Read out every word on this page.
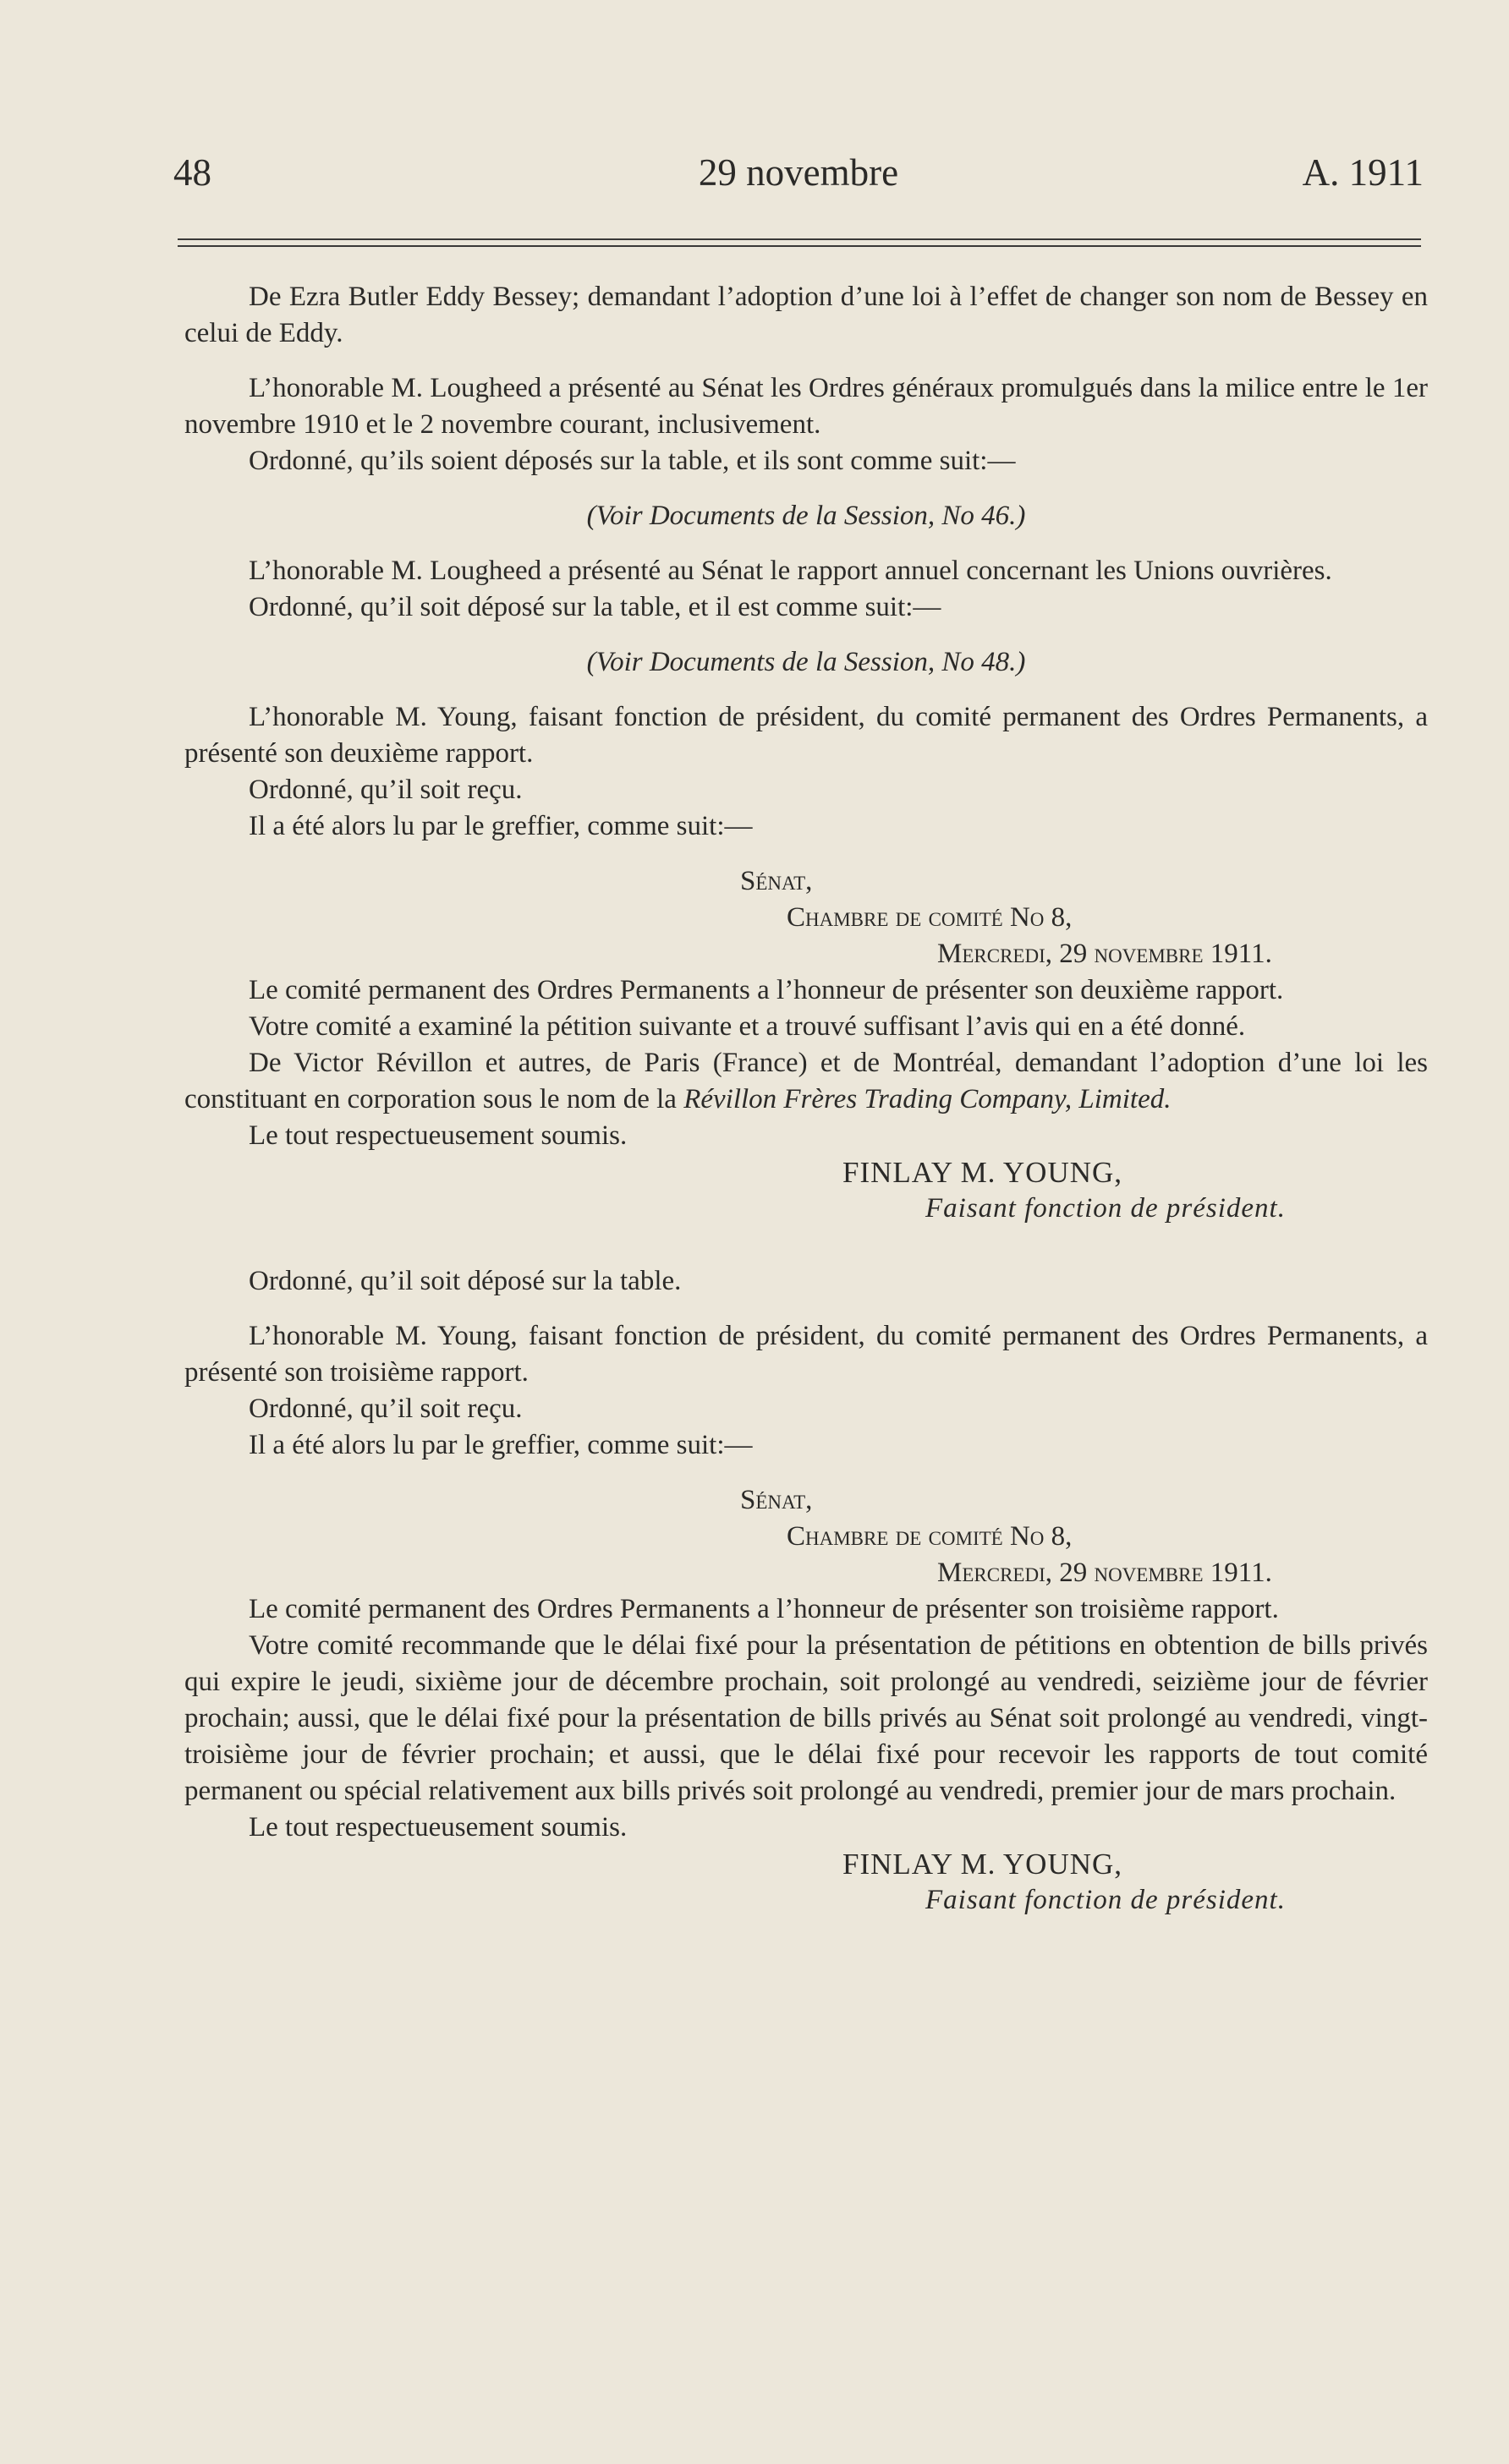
48	29 novembre	A. 1911

De Ezra Butler Eddy Bessey; demandant l’adoption d’une loi à l’effet de changer son nom de Bessey en celui de Eddy.

L’honorable M. Lougheed a présenté au Sénat les Ordres généraux promulgués dans la milice entre le 1er novembre 1910 et le 2 novembre courant, inclusivement.

Ordonné, qu’ils soient déposés sur la table, et ils sont comme suit:—

(Voir Documents de la Session, No 46.)

L’honorable M. Lougheed a présenté au Sénat le rapport annuel concernant les Unions ouvrières.

Ordonné, qu’il soit déposé sur la table, et il est comme suit:—

(Voir Documents de la Session, No 48.)

L’honorable M. Young, faisant fonction de président, du comité permanent des Ordres Permanents, a présenté son deuxième rapport.

Ordonné, qu’il soit reçu.

Il a été alors lu par le greffier, comme suit:—

Sénat,

Chambre de comité No 8,

Mercredi, 29 novembre 1911.

Le comité permanent des Ordres Permanents a l’honneur de présenter son deuxième rapport.

Votre comité a examiné la pétition suivante et a trouvé suffisant l’avis qui en a été donné.

De Victor Révillon et autres, de Paris (France) et de Montréal, demandant l’adoption d’une loi les constituant en corporation sous le nom de la Révillon Frères Trading Company, Limited.

Le tout respectueusement soumis.

FINLAY M. YOUNG,

Faisant fonction de président.

Ordonné, qu’il soit déposé sur la table.

L’honorable M. Young, faisant fonction de président, du comité permanent des Ordres Permanents, a présenté son troisième rapport.

Ordonné, qu’il soit reçu.

Il a été alors lu par le greffier, comme suit:—

Sénat,

Chambre de comité No 8,

Mercredi, 29 novembre 1911.

Le comité permanent des Ordres Permanents a l’honneur de présenter son troisième rapport.

Votre comité recommande que le délai fixé pour la présentation de pétitions en obtention de bills privés qui expire le jeudi, sixième jour de décembre prochain, soit prolongé au vendredi, seizième jour de février prochain; aussi, que le délai fixé pour la présentation de bills privés au Sénat soit prolongé au vendredi, vingt-troisième jour de février prochain; et aussi, que le délai fixé pour recevoir les rapports de tout comité permanent ou spécial relativement aux bills privés soit prolongé au vendredi, premier jour de mars prochain.

Le tout respectueusement soumis.

FINLAY M. YOUNG,

Faisant fonction de président.
